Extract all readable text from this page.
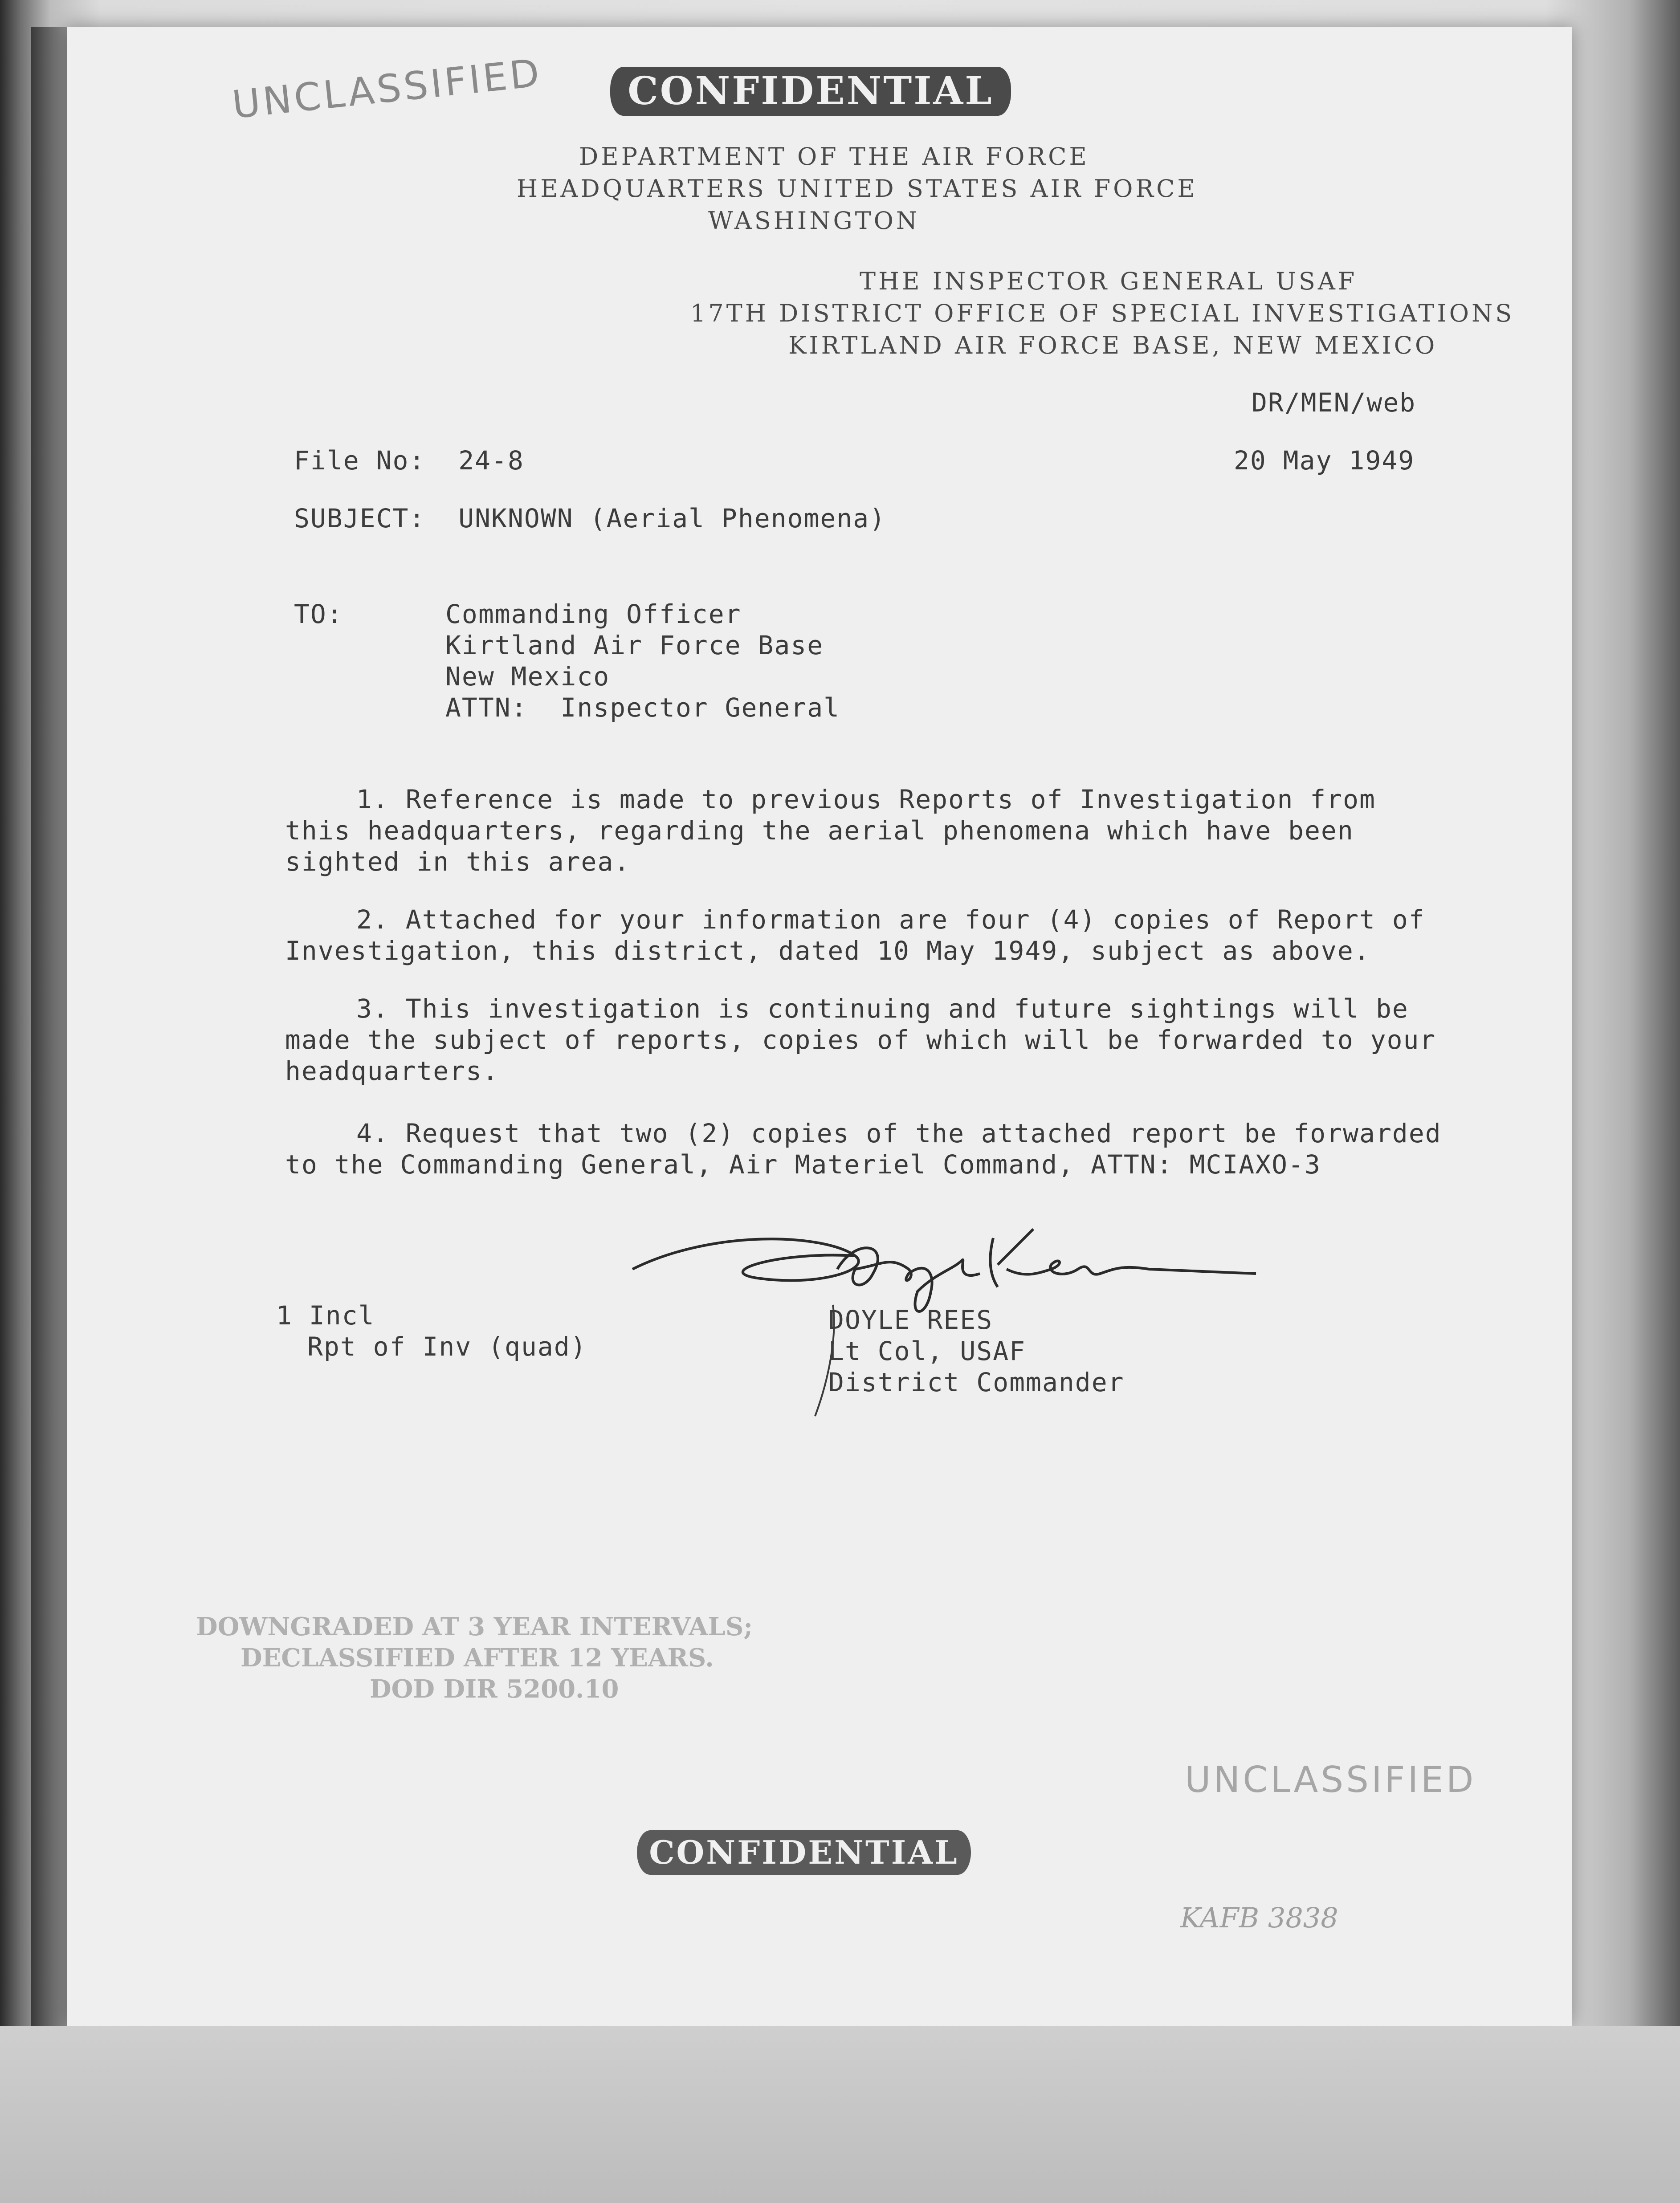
UNCLASSIFIED	CONFIDENTIAL
DEPARTMENT OF THE AIR FORCE
HEADQUARTERS UNITED STATES AIR FORCE
WASHINGTON
THE INSPECTOR GENERAL USAF
17TH DISTRICT OFFICE OF SPECIAL INVESTIGATIONS
KIRTLAND AIR FORCE BASE, NEW MEXICO
DR/MEN/web
File No:  24-8	20 May 1949
SUBJECT:  UNKNOWN (Aerial Phenomena)
TO:	Commanding Officer
Kirtland Air Force Base
New Mexico
ATTN:  Inspector General
1. Reference is made to previous Reports of Investigation from this headquarters, regarding the aerial phenomena which have been sighted in this area.
2. Attached for your information are four (4) copies of Report of Investigation, this district, dated 10 May 1949, subject as above.
3. This investigation is continuing and future sightings will be made the subject of reports, copies of which will be forwarded to your headquarters.
4. Request that two (2) copies of the attached report be forwarded to the Commanding General, Air Materiel Command, ATTN: MCIAXO-3
1 Incl
Rpt of Inv (quad)
DOYLE REES
Lt Col, USAF
District Commander
DOWNGRADED AT 3 YEAR INTERVALS;
DECLASSIFIED AFTER 12 YEARS.
DOD DIR 5200.10
UNCLASSIFIED
CONFIDENTIAL
KAFB 3838
